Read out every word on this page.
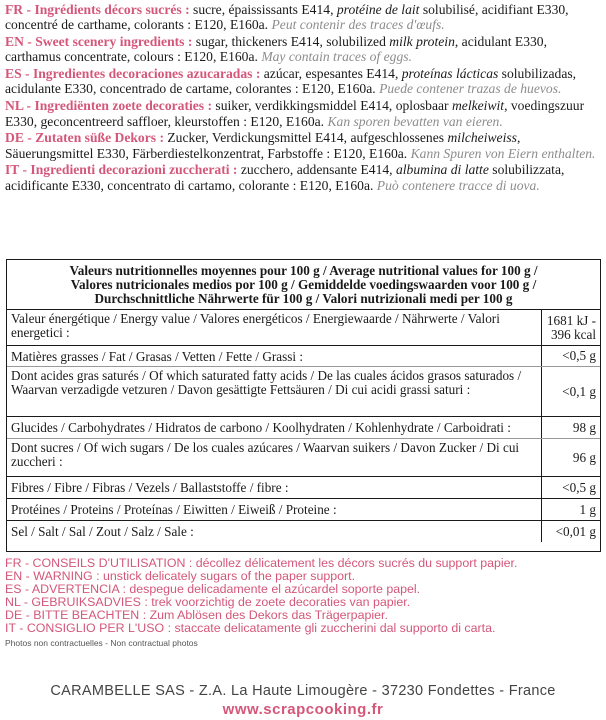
FR - Ingrédients décors sucrés : sucre, épaississants E414, protéine de lait solubilisé, acidifiant E330, concentré de carthame, colorants : E120, E160a. Peut contenir des traces d'œufs.

EN - Sweet scenery ingredients : sugar, thickeners E414, solubilized milk protein, acidulant E330, carthamus concentrate, colours : E120, E160a. May contain traces of eggs.

ES - Ingredientes decoraciones azucaradas : azúcar, espesantes E414, proteínas lácticas solubilizadas, acidulante E330, concentrado de cartame, colorantes : E120, E160a. Puede contener trazas de huevos.

NL - Ingrediënten zoete decoraties : suiker, verdikkingsmiddel E414, oplosbaar melkeiwit, voedingszuur E330, geconcentreerd saffloer, kleurstoffen : E120, E160a. Kan sporen bevatten van eieren.

DE - Zutaten süße Dekors : Zucker, Verdickungsmittel E414, aufgeschlossenes milcheiweiss, Säuerungsmittel E330, Färberdiestelkonzentrat, Farbstoffe : E120, E160a. Kann Spuren von Eiern enthalten.

IT - Ingredienti decorazioni zuccherati : zucchero, addensante E414, albumina di latte solubilizzata, acidificante E330, concentrato di cartamo, colorante : E120, E160a. Può contenere tracce di uova.

Valeurs nutritionnelles moyennes pour 100 g / Average nutritional values for 100 g /
Valores nutricionales medios por 100 g / Gemiddelde voedingswaarden voor 100 g /
Durchschnittliche Nährwerte für 100 g / Valori nutrizionali medi per 100 g
Valeur énergétique / Energy value / Valores energéticos / Energiewaarde / Nährwerte / Valori energetici :
1681 kJ -
396 kcal
Matières grasses / Fat / Grasas / Vetten / Fette / Grassi :	<0,5 g
Dont acides gras saturés / Of which saturated fatty acids / De las cuales ácidos grasos saturados / Waarvan verzadigde vetzuren / Davon gesättigte Fettsäuren / Di cui acidi grassi saturi :	<0,1 g
Glucides / Carbohydrates / Hidratos de carbono / Koolhydraten / Kohlenhydrate / Carboidrati :	98 g
Dont sucres / Of wich sugars / De los cuales azúcares / Waarvan suikers / Davon Zucker / Di cui zuccheri :	96 g
Fibres / Fibre / Fibras / Vezels / Ballaststoffe / fibre :	<0,5 g
Protéines / Proteins / Proteínas / Eiwitten / Eiweiß / Proteine :	1 g
Sel / Salt / Sal / Zout / Salz / Sale :	<0,01 g
FR - CONSEILS D'UTILISATION : décollez délicatement les décors sucrés du support papier.
EN - WARNING : unstick delicately sugars of the paper support.
ES - ADVERTENCIA : despegue delicadamente el azúcardel soporte papel.
NL - GEBRUIKSADVIES : trek voorzichtig de zoete decoraties van papier.
DE - BITTE BEACHTEN : Zum Ablösen des Dekors das Trägerpapier.
IT - CONSIGLIO PER L'USO : staccate delicatamente gli zuccherini dal supporto di carta.
Photos non contractuelles - Non contractual photos
CARAMBELLE SAS - Z.A. La Haute Limougère - 37230 Fondettes - France
www.scrapcooking.fr
